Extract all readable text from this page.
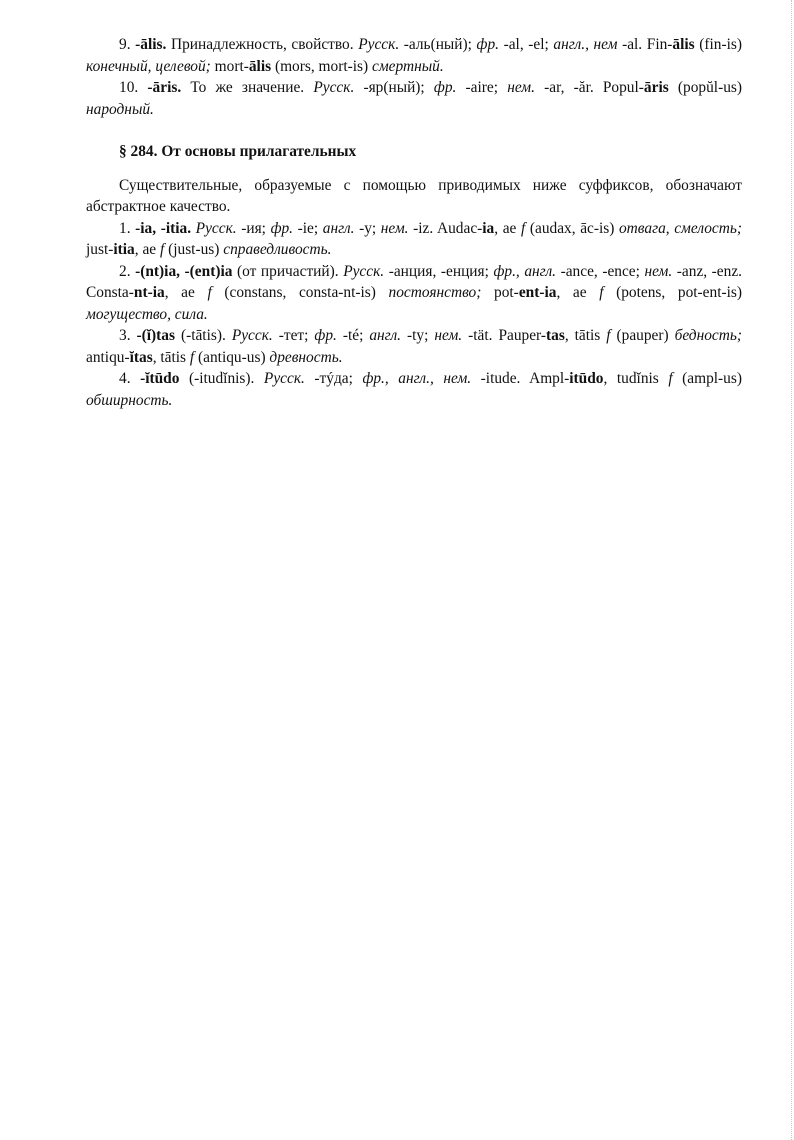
9. -ālis. Принадлежность, свойство. Русск. -аль(ный); фр. -al, -el; англ., нем -al. Fin-ālis (fin-is) конечный, целевой; mort-ālis (mors, mort-is) смертный.

10. -āris. То же значение. Русск. -яр(ный); фр. -aire; нем. -ar, -ăr. Popul-āris (popŭl-us) народный.

§ 284. От основы прилагательных

Существительные, образуемые с помощью приводимых ниже суффиксов, обозначают абстрактное качество.

1. -ia, -itia. Русск. -ия; фр. -ie; англ. -y; нем. -iz. Audac-ia, ae f (audax, āc-is) отвага, смелость; just-itia, ae f (just-us) справедливость.

2. -(nt)ia, -(ent)ia (от причастий). Русск. -анция, -енция; фр., англ. -ance, -ence; нем. -anz, -enz. Consta-nt-ia, ae f (constans, consta-nt-is) постоянство; pot-ent-ia, ae f (potens, pot-ent-is) могущество, сила.

3. -(ĭ)tas (-tātis). Русск. -тет; фр. -té; англ. -ty; нем. -tät. Pauper-tas, tātis f (pauper) бедность; antiqu-ĭtas, tātis f (antiqu-us) древность.

4. -ĭtūdo (-itudĭnis). Русск. -тýда; фр., англ., нем. -itude. Ampl-itūdo, tudĭnis f (ampl-us) обширность.
